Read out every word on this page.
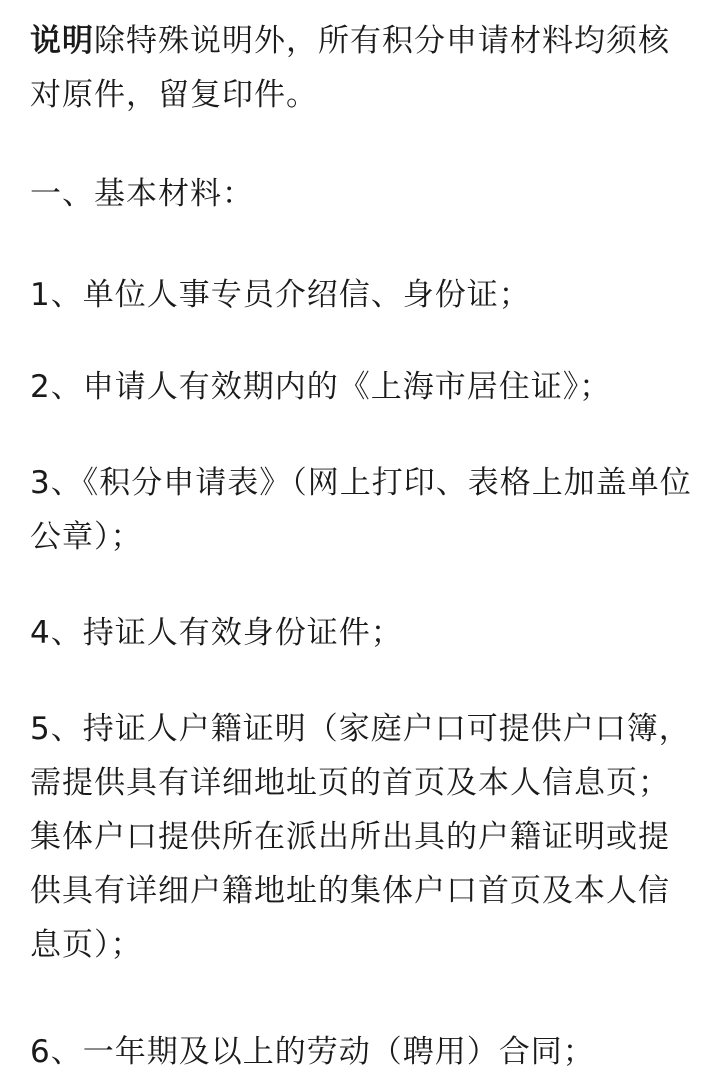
说明除特殊说明外，所有积分申请材料均须核对原件，留复印件。

一、基本材料：

1、单位人事专员介绍信、身份证；

2、申请人有效期内的《上海市居住证》；

3、《积分申请表》（网上打印、表格上加盖单位公章）；

4、持证人有效身份证件；

5、持证人户籍证明（家庭户口可提供户口簿，需提供具有详细地址页的首页及本人信息页；集体户口提供所在派出所出具的户籍证明或提供具有详细户籍地址的集体户口首页及本人信息页）；

6、一年期及以上的劳动（聘用）合同；
